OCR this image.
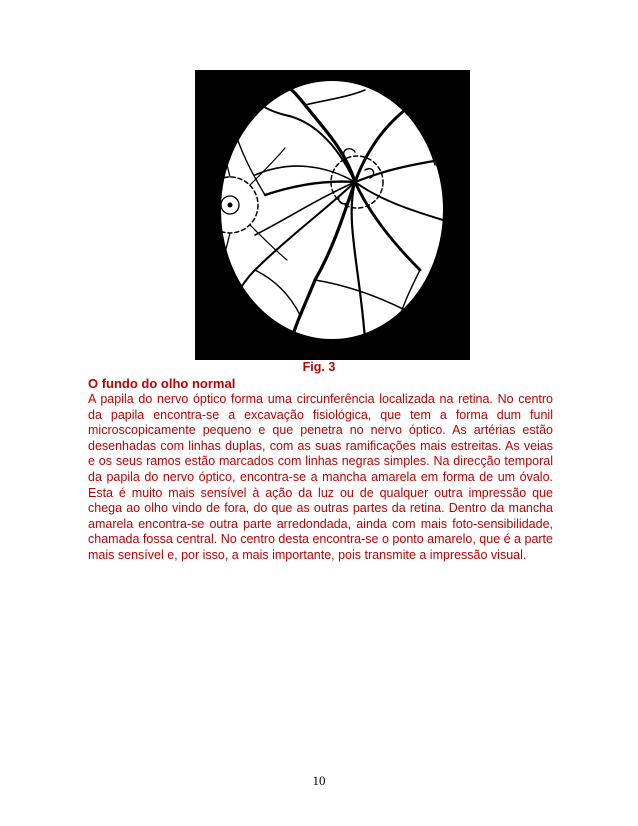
Fig. 3
O fundo do olho normal
A papila do nervo óptico forma uma circunferência localizada na retina. No centro da papila encontra-se a excavação fisiológica, que tem a forma dum funil microscopicamente pequeno e que penetra no nervo óptico. As artérias estão desenhadas com linhas duplas, com as suas ramificações mais estreitas. As veias e os seus ramos estão marcados com linhas negras simples. Na direcção temporal da papila do nervo óptico, encontra-se a mancha amarela em forma de um óvalo. Esta é muito mais sensível à ação da luz ou de qualquer outra impressão que chega ao olho vindo de fora, do que as outras partes da retina. Dentro da mancha amarela encontra-se outra parte arredondada, ainda com mais foto-sensibilidade, chamada fossa central. No centro desta encontra-se o ponto amarelo, que é a parte mais sensível e, por isso, a mais importante, pois transmite a impressão visual.
10
